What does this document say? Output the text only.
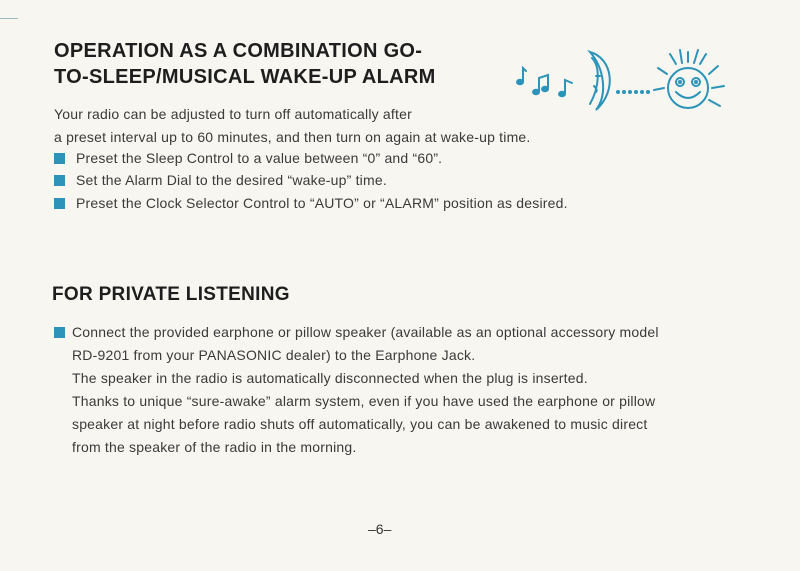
OPERATION AS A COMBINATION GO-
TO-SLEEP/MUSICAL WAKE-UP ALARM
Your radio can be adjusted to turn off automatically after
a preset interval up to 60 minutes, and then turn on again at wake-up time.
Preset the Sleep Control to a value between “0” and “60”.
Set the Alarm Dial to the desired “wake-up” time.
Preset the Clock Selector Control to “AUTO” or “ALARM” position as desired.
FOR PRIVATE LISTENING
Connect the provided earphone or pillow speaker (available as an optional accessory model
RD-9201 from your PANASONIC dealer) to the Earphone Jack.
The speaker in the radio is automatically disconnected when the plug is inserted.
Thanks to unique “sure-awake” alarm system, even if you have used the earphone or pillow
speaker at night before radio shuts off automatically, you can be awakened to music direct
from the speaker of the radio in the morning.
–6–
